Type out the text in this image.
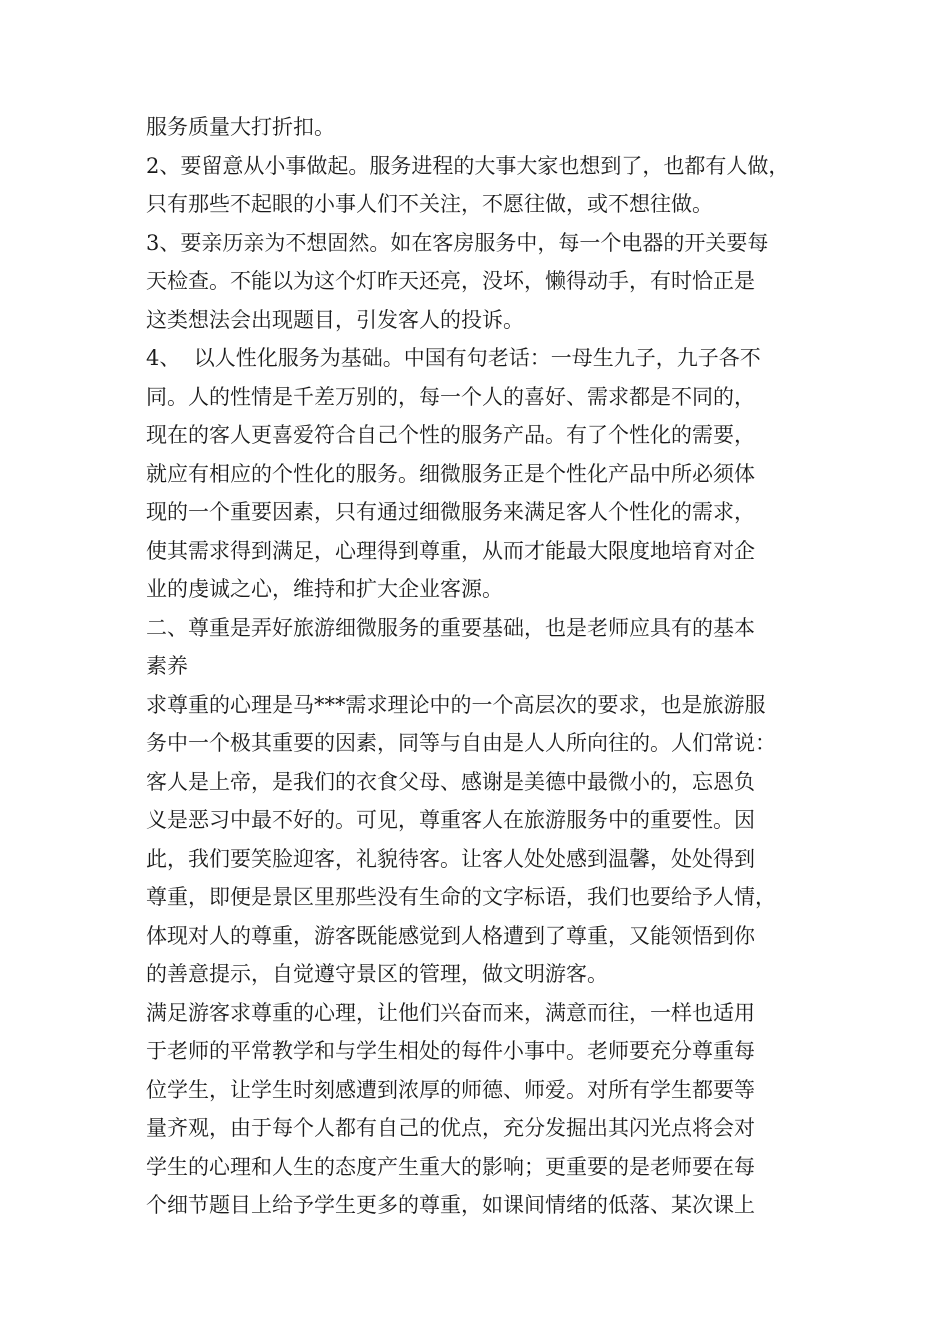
服务质量大打折扣。
2、要留意从小事做起。服务进程的大事大家也想到了，也都有人做，
只有那些不起眼的小事人们不关注，不愿往做，或不想往做。
3、要亲历亲为不想固然。如在客房服务中，每一个电器的开关要每
天检查。不能以为这个灯昨天还亮，没坏，懒得动手，有时恰正是
这类想法会出现题目，引发客人的投诉。
4、  以人性化服务为基础。中国有句老话：一母生九子，九子各不
同。人的性情是千差万别的，每一个人的喜好、需求都是不同的，
现在的客人更喜爱符合自己个性的服务产品。有了个性化的需要，
就应有相应的个性化的服务。细微服务正是个性化产品中所必须体
现的一个重要因素，只有通过细微服务来满足客人个性化的需求，
使其需求得到满足，心理得到尊重，从而才能最大限度地培育对企
业的虔诚之心，维持和扩大企业客源。
二、尊重是弄好旅游细微服务的重要基础，也是老师应具有的基本
素养
求尊重的心理是马***需求理论中的一个高层次的要求，也是旅游服
务中一个极其重要的因素，同等与自由是人人所向往的。人们常说：
客人是上帝，是我们的衣食父母、感谢是美德中最微小的，忘恩负
义是恶习中最不好的。可见，尊重客人在旅游服务中的重要性。因
此，我们要笑脸迎客，礼貌待客。让客人处处感到温馨，处处得到
尊重，即便是景区里那些没有生命的文字标语，我们也要给予人情，
体现对人的尊重，游客既能感觉到人格遭到了尊重，又能领悟到你
的善意提示，自觉遵守景区的管理，做文明游客。
满足游客求尊重的心理，让他们兴奋而来，满意而往，一样也适用
于老师的平常教学和与学生相处的每件小事中。老师要充分尊重每
位学生，让学生时刻感遭到浓厚的师德、师爱。对所有学生都要等
量齐观，由于每个人都有自己的优点，充分发掘出其闪光点将会对
学生的心理和人生的态度产生重大的影响；更重要的是老师要在每
个细节题目上给予学生更多的尊重，如课间情绪的低落、某次课上
